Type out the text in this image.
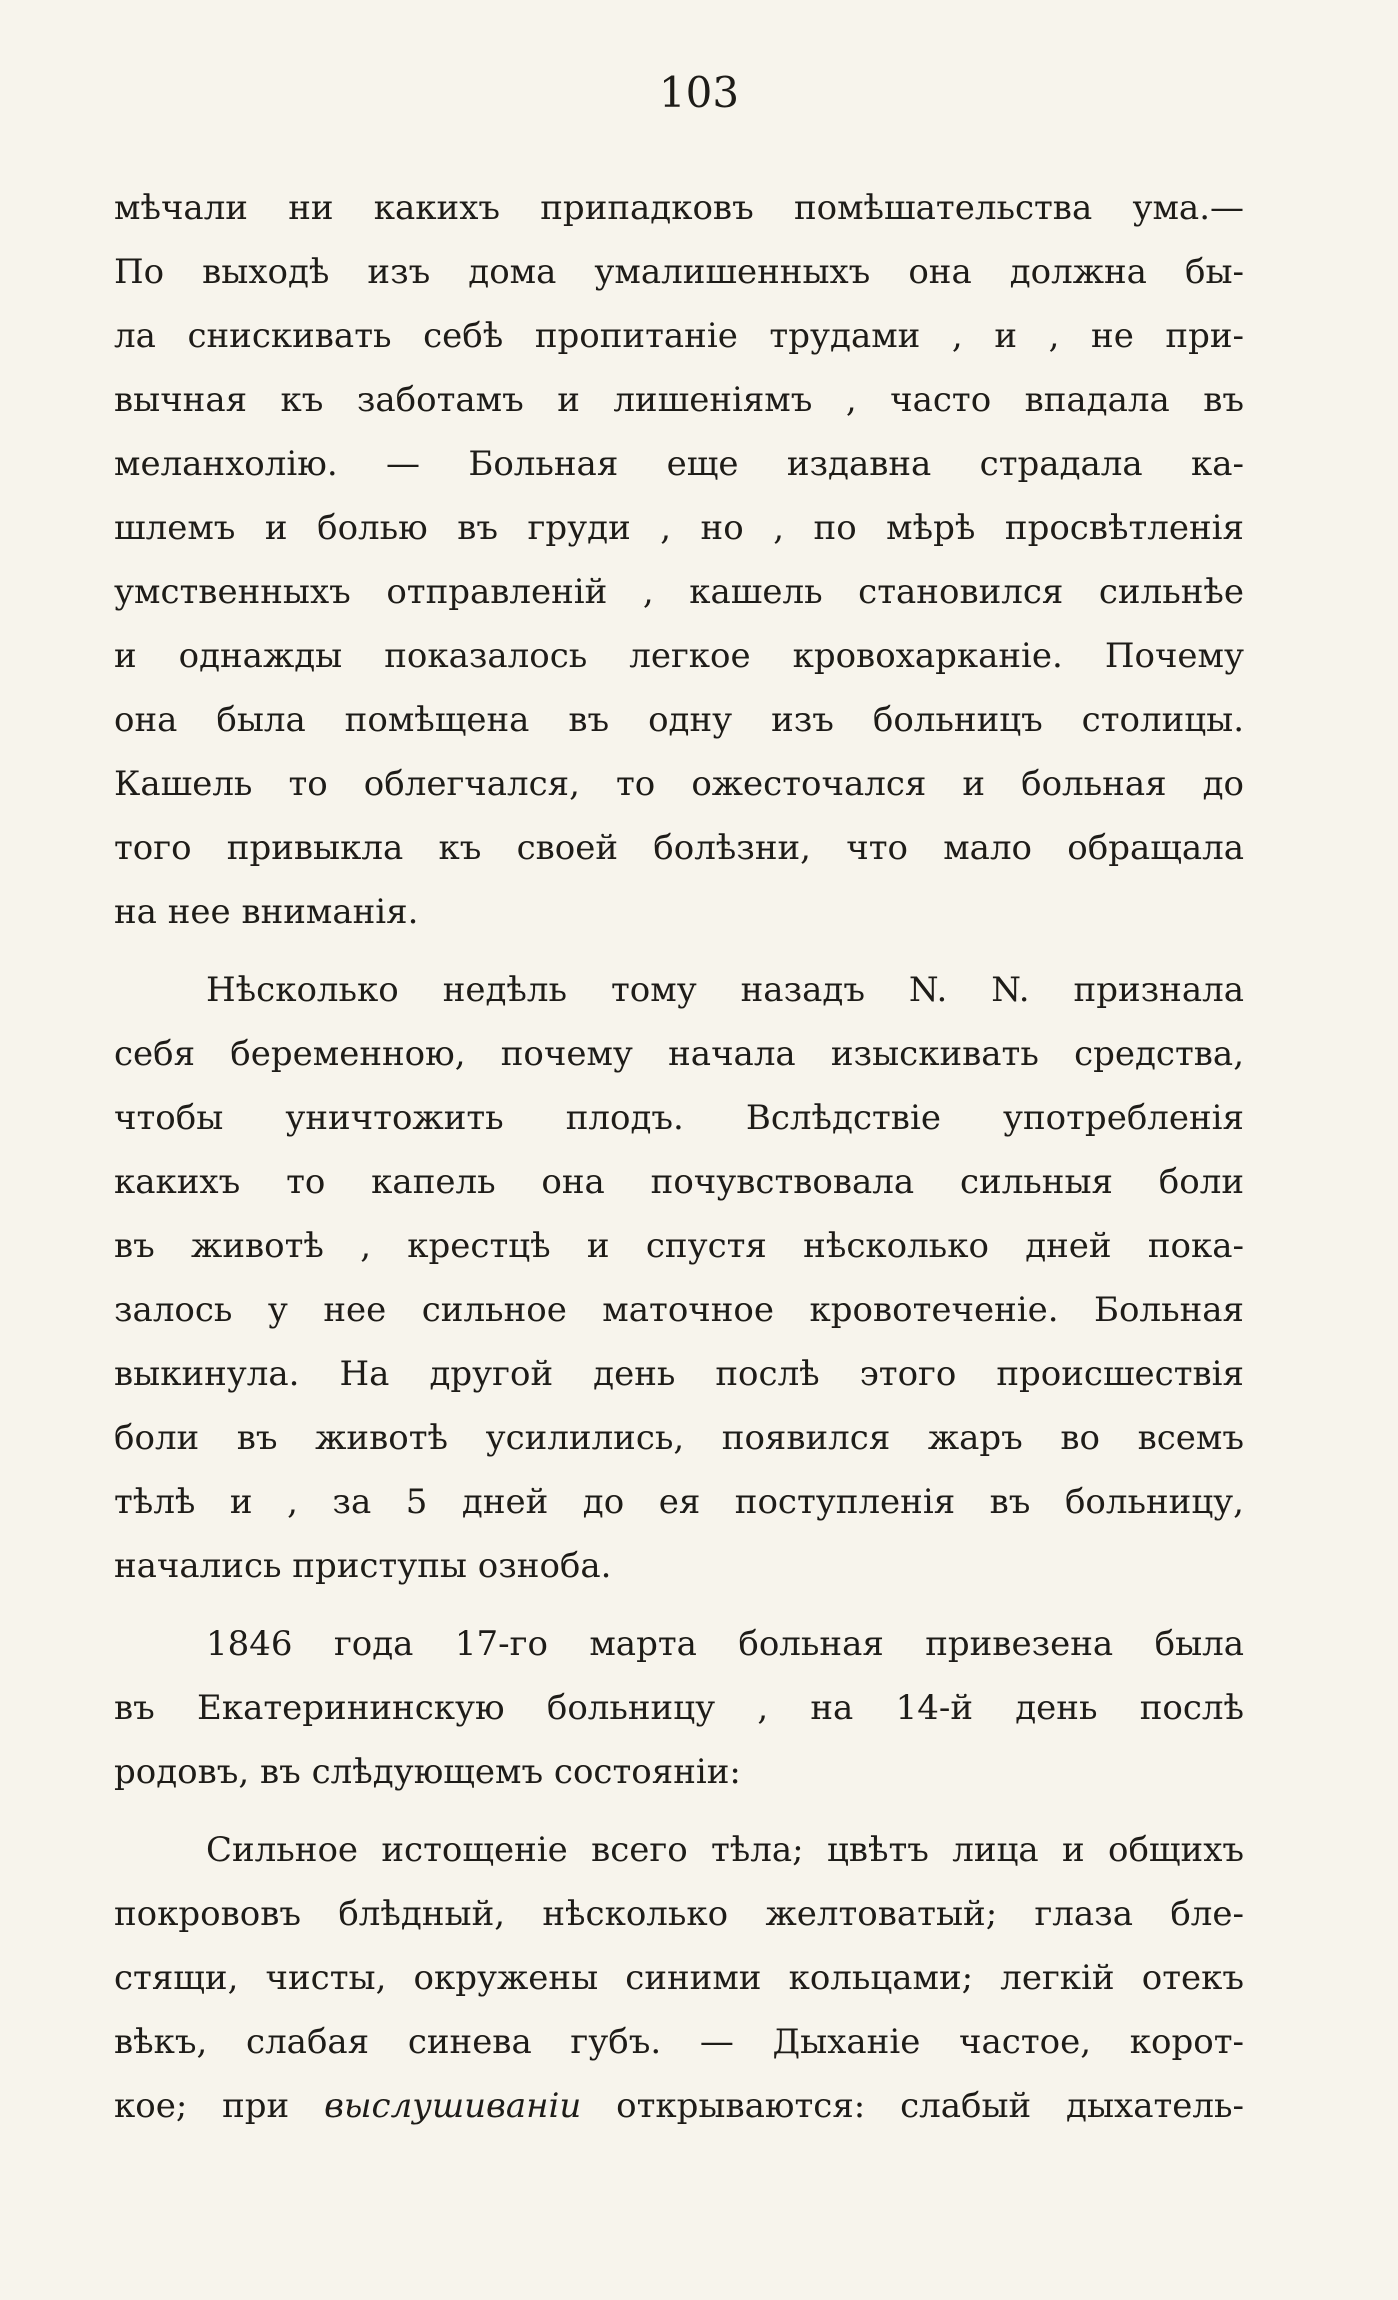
103
мѣчали ни какихъ припадковъ помѣшательства ума.—
По выходѣ изъ дома умалишенныхъ она должна бы-
ла снискивать себѣ пропитаніе трудами , и , не при-
вычная къ заботамъ и лишеніямъ , часто впадала въ
меланхолію. — Больная еще издавна страдала ка-
шлемъ и болью въ груди , но , по мѣрѣ просвѣтленія
умственныхъ отправленій , кашель становился сильнѣе
и однажды показалось легкое кровохарканіе. Почему
она была помѣщена въ одну изъ больницъ столицы.
Кашель то облегчался, то ожесточался и больная до
того привыкла къ своей болѣзни, что мало обращала
на нее вниманія.
Нѣсколько недѣль тому назадъ N. N. признала
себя беременною, почему начала изыскивать средства,
чтобы уничтожить плодъ. Вслѣдствіе употребленія
какихъ то капель она почувствовала сильныя боли
въ животѣ , крестцѣ и спустя нѣсколько дней пока-
залось у нее сильное маточное кровотеченіе. Больная
выкинула. На другой день послѣ этого происшествія
боли въ животѣ усилились, появился жаръ во всемъ
тѣлѣ и , за 5 дней до ея поступленія въ больницу,
начались приступы озноба.
1846 года 17-го марта больная привезена была
въ Екатерининскую больницу , на 14-й день послѣ
родовъ, въ слѣдующемъ состояніи:
Сильное истощеніе всего тѣла; цвѣтъ лица и общихъ
покрововъ блѣдный, нѣсколько желтоватый; глаза бле-
стящи, чисты, окружены синими кольцами; легкій отекъ
вѣкъ, слабая синева губъ. — Дыханіе частое, корот-
кое; при выслушиваніи открываются: слабый дыхатель-
